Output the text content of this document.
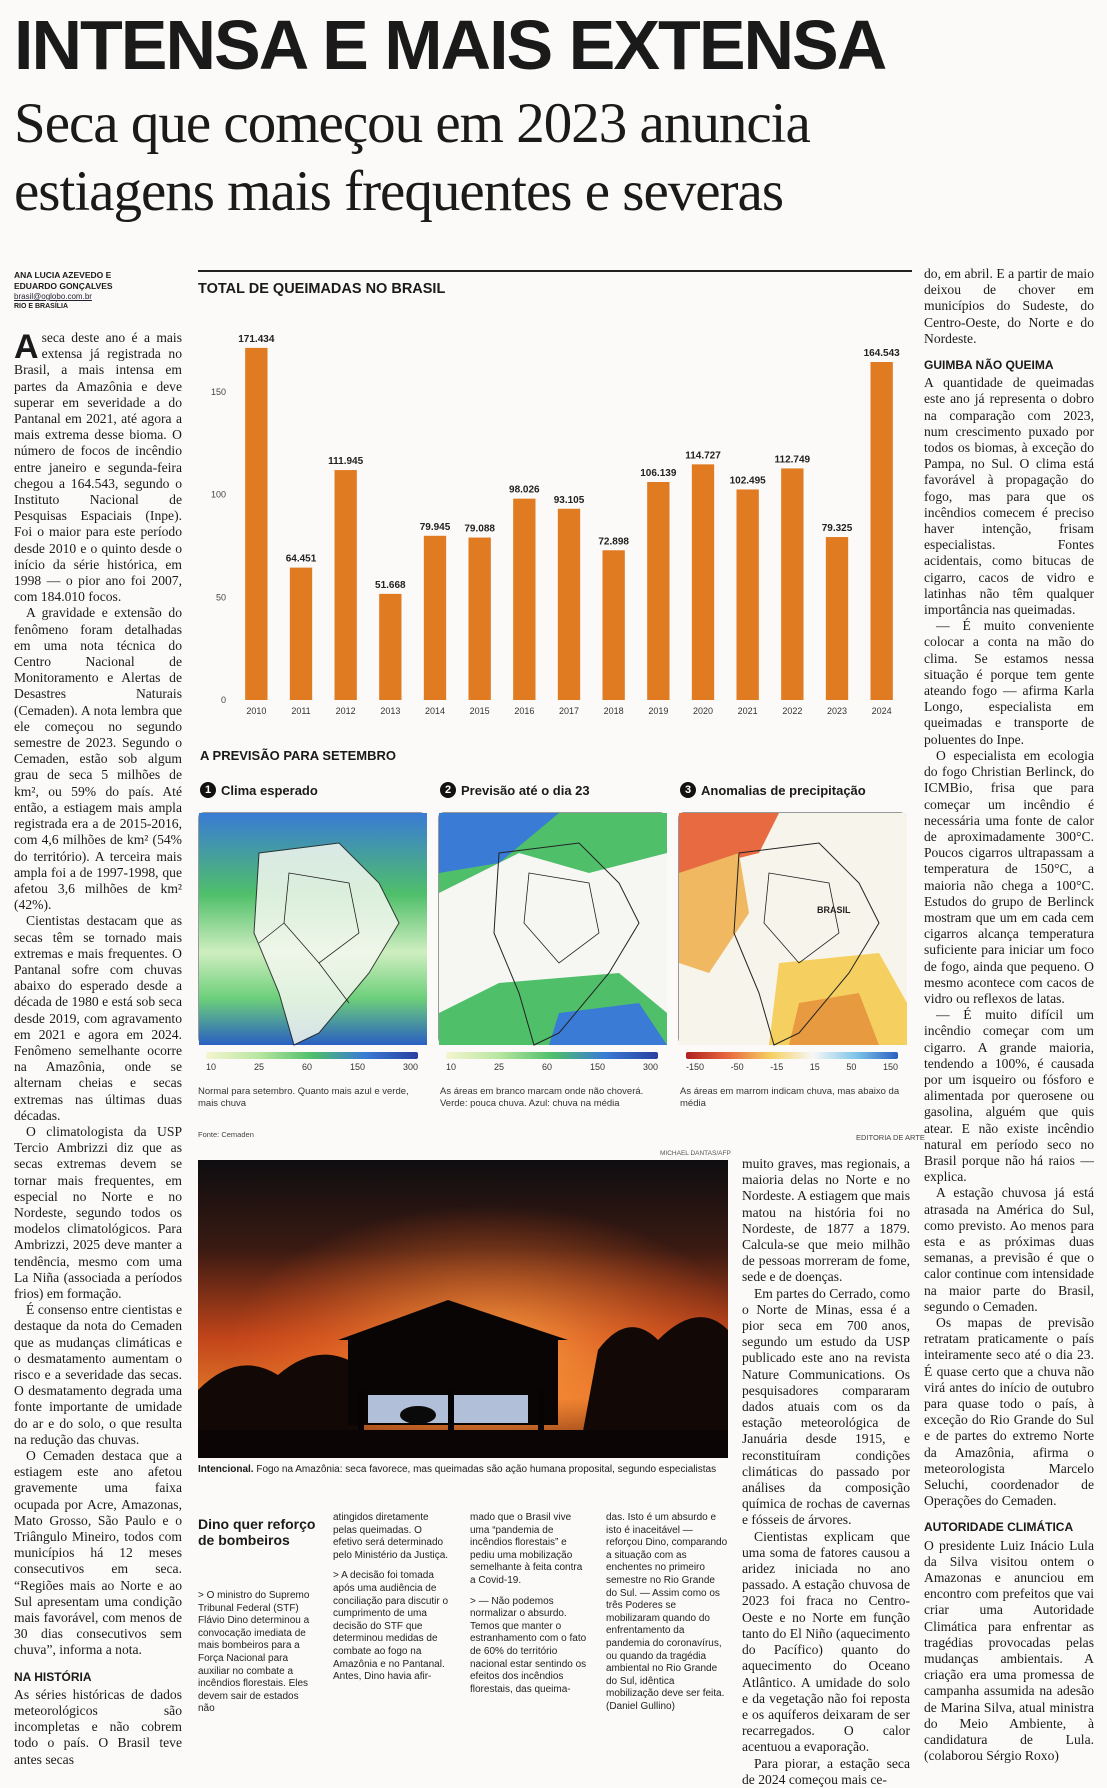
INTENSA E MAIS EXTENSA
Seca que começou em 2023 anuncia
estiagens mais frequentes e severas
ANA LUCIA AZEVEDO E
EDUARDO GONÇALVES
brasil@oglobo.com.br
RIO E BRASÍLIA

Aseca deste ano é a mais extensa já registrada no Brasil, a mais intensa em partes da Amazônia e deve superar em severidade a do Pantanal em 2021, até agora a mais extrema desse bioma. O número de focos de incêndio entre janeiro e segunda-feira chegou a 164.543, segundo o Instituto Nacional de Pesquisas Espaciais (Inpe). Foi o maior para este período desde 2010 e o quinto desde o início da série histórica, em 1998 — o pior ano foi 2007, com 184.010 focos.

A gravidade e extensão do fenômeno foram detalhadas em uma nota técnica do Centro Nacional de Monitoramento e Alertas de Desastres Naturais (Cemaden). A nota lembra que ele começou no segundo semestre de 2023. Segundo o Cemaden, estão sob algum grau de seca 5 milhões de km², ou 59% do país. Até então, a estiagem mais ampla registrada era a de 2015-2016, com 4,6 milhões de km² (54% do território). A terceira mais ampla foi a de 1997-1998, que afetou 3,6 milhões de km² (42%).

Cientistas destacam que as secas têm se tornado mais extremas e mais frequentes. O Pantanal sofre com chuvas abaixo do esperado desde a década de 1980 e está sob seca desde 2019, com agravamento em 2021 e agora em 2024. Fenômeno semelhante ocorre na Amazônia, onde se alternam cheias e secas extremas nas últimas duas décadas.

O climatologista da USP Tercio Ambrizzi diz que as secas extremas devem se tornar mais frequentes, em especial no Norte e no Nordeste, segundo todos os modelos climatológicos. Para Ambrizzi, 2025 deve manter a tendência, mesmo com uma La Niña (associada a períodos frios) em formação.

É consenso entre cientistas e destaque da nota do Cemaden que as mudanças climáticas e o desmatamento aumentam o risco e a severidade das secas. O desmatamento degrada uma fonte importante de umidade do ar e do solo, o que resulta na redução das chuvas.

O Cemaden destaca que a estiagem este ano afetou gravemente uma faixa ocupada por Acre, Amazonas, Mato Grosso, São Paulo e o Triângulo Mineiro, todos com municípios há 12 meses consecutivos em seca. “Regiões mais ao Norte e ao Sul apresentam uma condição mais favorável, com menos de 30 dias consecutivos sem chuva”, informa a nota.

NA HISTÓRIA

As séries históricas de dados meteorológicos são incompletas e não cobrem todo o país. O Brasil teve antes secas

TOTAL DE QUEIMADAS NO BRASIL
0
50
100
150
171.434
2010
64.451
2011
111.945
2012
51.668
2013
79.945
2014
79.088
2015
98.026
2016
93.105
2017
72.898
2018
106.139
2019
114.727
2020
102.495
2021
112.749
2022
79.325
2023
164.543
2024
A PREVISÃO PARA SETEMBRO
1 Clima esperado
10	25	60	150	300
Normal para setembro. Quanto mais azul e verde, mais chuva
2 Previsão até o dia 23
10	25	60	150	300
As áreas em branco marcam onde não choverá. Verde: pouca chuva. Azul: chuva na média
3 Anomalias de precipitação
BRASIL
-150	-50	-15	15	50	150
As áreas em marrom indicam chuva, mas abaixo da média
Fonte: Cemaden	EDITORIA DE ARTE
MICHAEL DANTAS/AFP
Intencional. Fogo na Amazônia: seca favorece, mas queimadas são ação humana proposital, segundo especialistas
Dino quer reforço de bombeiros
> O ministro do Supremo Tribunal Federal (STF) Flávio Dino determinou a convocação imediata de mais bombeiros para a Força Nacional para auxiliar no combate a incêndios florestais. Eles devem sair de estados não
atingidos diretamente pelas queimadas. O efetivo será determinado pelo Ministério da Justiça.
> A decisão foi tomada após uma audiência de conciliação para discutir o cumprimento de uma decisão do STF que determinou medidas de combate ao fogo na Amazônia e no Pantanal. Antes, Dino havia afir-
mado que o Brasil vive uma “pandemia de incêndios florestais” e pediu uma mobilização semelhante à feita contra a Covid-19.
> — Não podemos normalizar o absurdo. Temos que manter o estranhamento com o fato de 60% do território nacional estar sentindo os efeitos dos incêndios florestais, das queima-
das. Isto é um absurdo e isto é inaceitável — reforçou Dino, comparando a situação com as enchentes no primeiro semestre no Rio Grande do Sul. — Assim como os três Poderes se mobilizaram quando do enfrentamento da pandemia do coronavírus, ou quando da tragédia ambiental no Rio Grande do Sul, idêntica mobilização deve ser feita. (Daniel Gullino)

muito graves, mas regionais, a maioria delas no Norte e no Nordeste. A estiagem que mais matou na história foi no Nordeste, de 1877 a 1879. Calcula-se que meio milhão de pessoas morreram de fome, sede e de doenças.

Em partes do Cerrado, como o Norte de Minas, essa é a pior seca em 700 anos, segundo um estudo da USP publicado este ano na revista Nature Communications. Os pesquisadores compararam dados atuais com os da estação meteorológica de Januária desde 1915, e reconstituíram condições climáticas do passado por análises da composição química de rochas de cavernas e fósseis de árvores.

Cientistas explicam que uma soma de fatores causou a aridez iniciada no ano passado. A estação chuvosa de 2023 foi fraca no Centro-Oeste e no Norte em função tanto do El Niño (aquecimento do Pacífico) quanto do aquecimento do Oceano Atlântico. A umidade do solo e da vegetação não foi reposta e os aquíferos deixaram de ser recarregados. O calor acentuou a evaporação.

Para piorar, a estação seca de 2024 começou mais ce-

do, em abril. E a partir de maio deixou de chover em municípios do Sudeste, do Centro-Oeste, do Norte e do Nordeste.

GUIMBA NÃO QUEIMA

A quantidade de queimadas este ano já representa o dobro na comparação com 2023, num crescimento puxado por todos os biomas, à exceção do Pampa, no Sul. O clima está favorável à propagação do fogo, mas para que os incêndios comecem é preciso haver intenção, frisam especialistas. Fontes acidentais, como bitucas de cigarro, cacos de vidro e latinhas não têm qualquer importância nas queimadas.

— É muito conveniente colocar a conta na mão do clima. Se estamos nessa situação é porque tem gente ateando fogo — afirma Karla Longo, especialista em queimadas e transporte de poluentes do Inpe.

O especialista em ecologia do fogo Christian Berlinck, do ICMBio, frisa que para começar um incêndio é necessária uma fonte de calor de aproximadamente 300°C. Poucos cigarros ultrapassam a temperatura de 150°C, a maioria não chega a 100°C. Estudos do grupo de Berlinck mostram que um em cada cem cigarros alcança temperatura suficiente para iniciar um foco de fogo, ainda que pequeno. O mesmo acontece com cacos de vidro ou reflexos de latas.

— É muito difícil um incêndio começar com um cigarro. A grande maioria, tendendo a 100%, é causada por um isqueiro ou fósforo e alimentada por querosene ou gasolina, alguém que quis atear. E não existe incêndio natural em período seco no Brasil porque não há raios — explica.

A estação chuvosa já está atrasada na América do Sul, como previsto. Ao menos para esta e as próximas duas semanas, a previsão é que o calor continue com intensidade na maior parte do Brasil, segundo o Cemaden.

Os mapas de previsão retratam praticamente o país inteiramente seco até o dia 23. É quase certo que a chuva não virá antes do início de outubro para quase todo o país, à exceção do Rio Grande do Sul e de partes do extremo Norte da Amazônia, afirma o meteorologista Marcelo Seluchi, coordenador de Operações do Cemaden.

AUTORIDADE CLIMÁTICA

O presidente Luiz Inácio Lula da Silva visitou ontem o Amazonas e anunciou em encontro com prefeitos que vai criar uma Autoridade Climática para enfrentar as tragédias provocadas pelas mudanças ambientais. A criação era uma promessa de campanha assumida na adesão de Marina Silva, atual ministra do Meio Ambiente, à candidatura de Lula. (colaborou Sérgio Roxo)
